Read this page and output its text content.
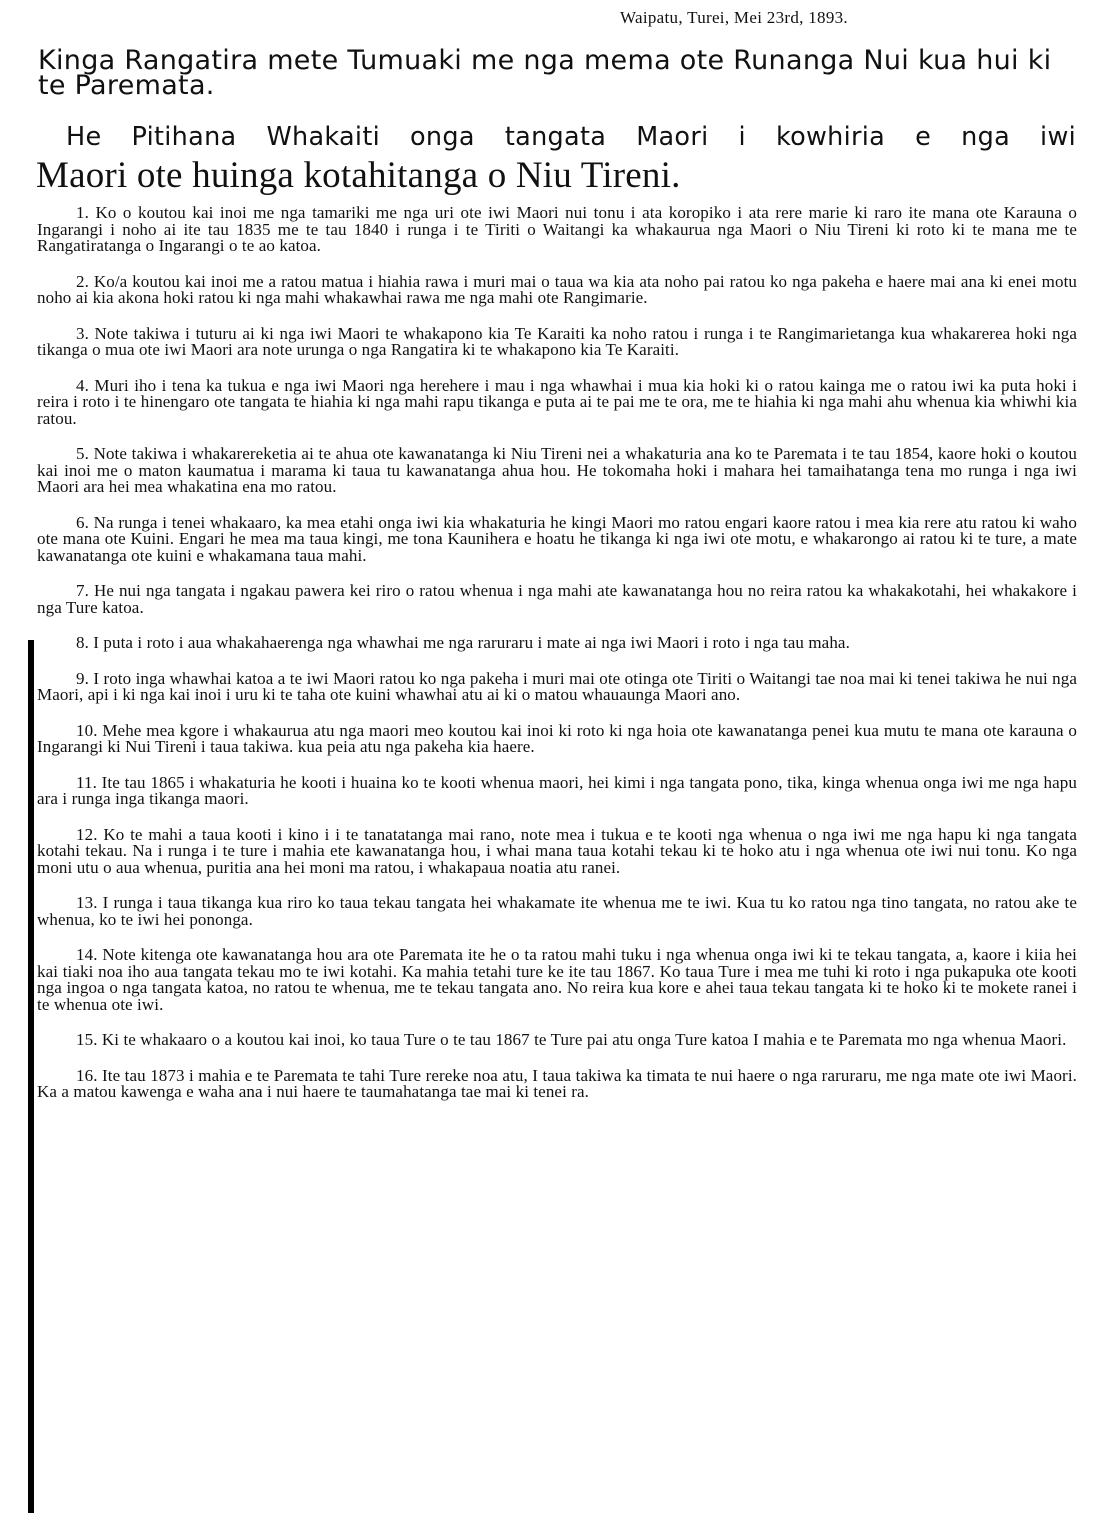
Waipatu, Turei, Mei 23rd, 1893.
Kinga Rangatira mete Tumuaki me nga mema ote Runanga Nui kua hui ki te Paremata.
He Pitihana Whakaiti onga tangata Maori i kowhiria e nga iwi
Maori ote huinga kotahitanga o Niu Tireni.

1. Ko o koutou kai inoi me nga tamariki me nga uri ote iwi Maori nui tonu i ata koropiko i ata rere marie ki raro ite mana ote Karauna o Ingarangi i noho ai ite tau 1835 me te tau 1840 i runga i te Tiriti o Waitangi ka whakaurua nga Maori o Niu Tireni ki roto ki te mana me te Rangatiratanga o Ingarangi o te ao katoa.

2. Ko/a koutou kai inoi me a ratou matua i hiahia rawa i muri mai o taua wa kia ata noho pai ratou ko nga pakeha e haere mai ana ki enei motu noho ai kia akona hoki ratou ki nga mahi whakawhai rawa me nga mahi ote Rangimarie.

3. Note takiwa i tuturu ai ki nga iwi Maori te whakapono kia Te Karaiti ka noho ratou i runga i te Rangimarietanga kua whakarerea hoki nga tikanga o mua ote iwi Maori ara note urunga o nga Rangatira ki te whakapono kia Te Karaiti.

4. Muri iho i tena ka tukua e nga iwi Maori nga herehere i mau i nga whawhai i mua kia hoki ki o ratou kainga me o ratou iwi ka puta hoki i reira i roto i te hinengaro ote tangata te hiahia ki nga mahi rapu tikanga e puta ai te pai me te ora, me te hiahia ki nga mahi ahu whenua kia whiwhi kia ratou.

5. Note takiwa i whakarereketia ai te ahua ote kawanatanga ki Niu Tireni nei a whakaturia ana ko te Paremata i te tau 1854, kaore hoki o koutou kai inoi me o maton kaumatua i marama ki taua tu kawanatanga ahua hou. He tokomaha hoki i mahara hei tamaihatanga tena mo runga i nga iwi Maori ara hei mea whakatina ena mo ratou.

6. Na runga i tenei whakaaro, ka mea etahi onga iwi kia whakaturia he kingi Maori mo ratou engari kaore ratou i mea kia rere atu ratou ki waho ote mana ote Kuini. Engari he mea ma taua kingi, me tona Kaunihera e hoatu he tikanga ki nga iwi ote motu, e whakarongo ai ratou ki te ture, a mate kawanatanga ote kuini e whakamana taua mahi.

7. He nui nga tangata i ngakau pawera kei riro o ratou whenua i nga mahi ate kawanatanga hou no reira ratou ka whakakotahi, hei whakakore i nga Ture katoa.

8. I puta i roto i aua whakahaerenga nga whawhai me nga raruraru i mate ai nga iwi Maori i roto i nga tau maha.

9. I roto inga whawhai katoa a te iwi Maori ratou ko nga pakeha i muri mai ote otinga ote Tiriti o Waitangi tae noa mai ki tenei takiwa he nui nga Maori, api i ki nga kai inoi i uru ki te taha ote kuini whawhai atu ai ki o matou whauaunga Maori ano.

10. Mehe mea kgore i whakaurua atu nga maori meo koutou kai inoi ki roto ki nga hoia ote kawanatanga penei kua mutu te mana ote karauna o Ingarangi ki Nui Tireni i taua takiwa. kua peia atu nga pakeha kia haere.

11. Ite tau 1865 i whakaturia he kooti i huaina ko te kooti whenua maori, hei kimi i nga tangata pono, tika, kinga whenua onga iwi me nga hapu ara i runga inga tikanga maori.

12. Ko te mahi a taua kooti i kino i i te tanatatanga mai rano, note mea i tukua e te kooti nga whenua o nga iwi me nga hapu ki nga tangata kotahi tekau. Na i runga i te ture i mahia ete kawanatanga hou, i whai mana taua kotahi tekau ki te hoko atu i nga whenua ote iwi nui tonu. Ko nga moni utu o aua whenua, puritia ana hei moni ma ratou, i whakapaua noatia atu ranei.

13. I runga i taua tikanga kua riro ko taua tekau tangata hei whakamate ite whenua me te iwi. Kua tu ko ratou nga tino tangata, no ratou ake te whenua, ko te iwi hei pononga.

14. Note kitenga ote kawanatanga hou ara ote Paremata ite he o ta ratou mahi tuku i nga whenua onga iwi ki te tekau tangata, a, kaore i kiia hei kai tiaki noa iho aua tangata tekau mo te iwi kotahi. Ka mahia tetahi ture ke ite tau 1867. Ko taua Ture i mea me tuhi ki roto i nga pukapuka ote kooti nga ingoa o nga tangata katoa, no ratou te whenua, me te tekau tangata ano. No reira kua kore e ahei taua tekau tangata ki te hoko ki te mokete ranei i te whenua ote iwi.

15. Ki te whakaaro o a koutou kai inoi, ko taua Ture o te tau 1867 te Ture pai atu onga Ture katoa I mahia e te Paremata mo nga whenua Maori.

16. Ite tau 1873 i mahia e te Paremata te tahi Ture rereke noa atu, I taua takiwa ka timata te nui haere o nga raruraru, me nga mate ote iwi Maori. Ka a matou kawenga e waha ana i nui haere te taumahatanga tae mai ki tenei ra.
